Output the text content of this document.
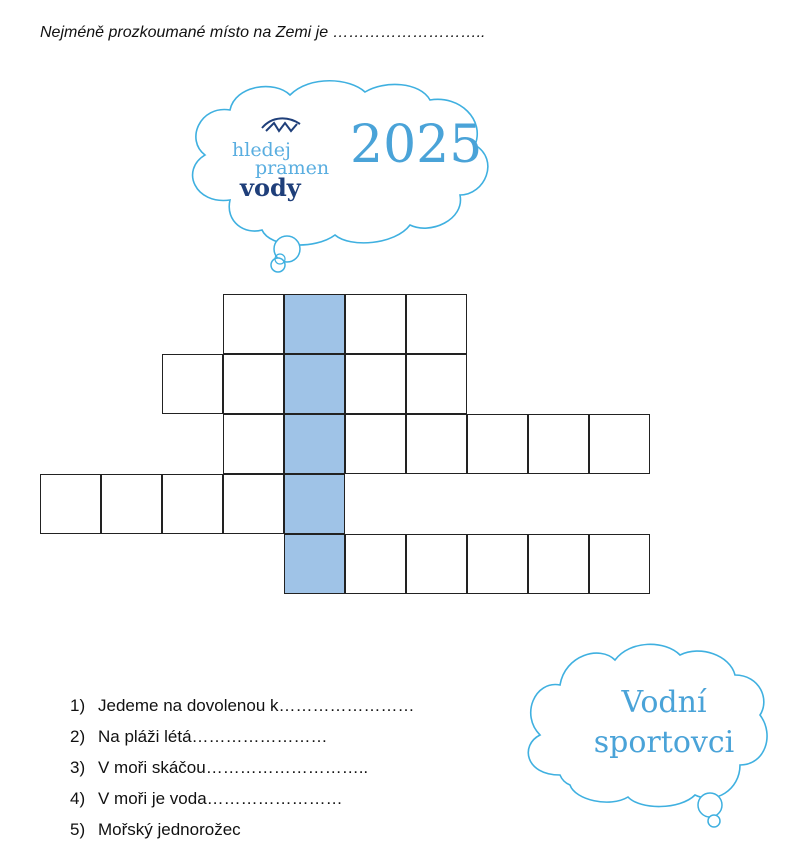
Nejméně prozkoumané místo na Zemi je ………………………..
hledej
pramen
vody
2025
Vodní
sportovci
1) Jedeme na dovolenou k……………………
2) Na pláži létá……………………
3) V moři skáčou………………………..
4) V moři je voda……………………
5) Mořský jednorožec
